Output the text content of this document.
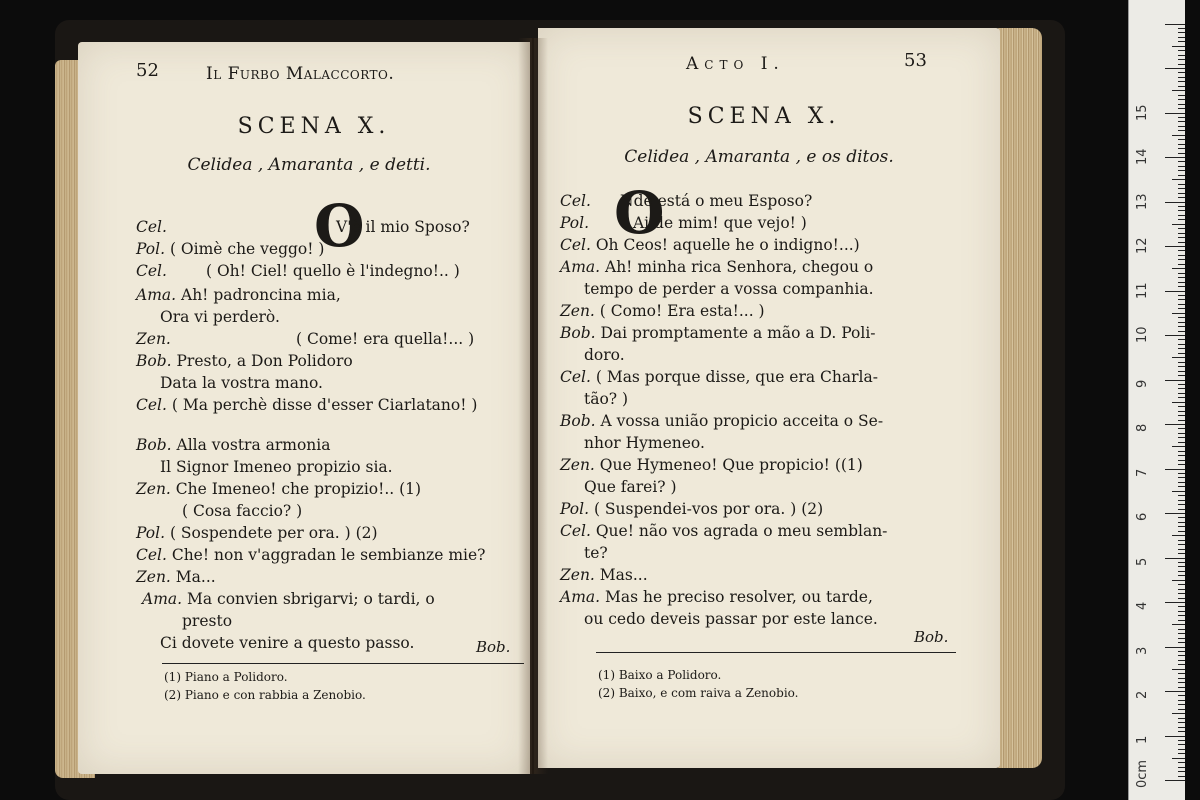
52	Il Furbo Malaccorto.
SCENA X.
Celidea , Amaranta , e detti.
O
Cel.	V'è il mio Sposo?
Pol. ( Oimè che veggo! )
Cel.	( Oh! Ciel! quello è l'indegno!.. )
Ama. Ah! padroncina mia,
Ora vi perderò.
Zen.	( Come! era quella!... )
Bob. Presto, a Don Polidoro
Data la vostra mano.
Cel. ( Ma perchè disse d'esser Ciarlatano! )
Bob. Alla vostra armonia
Il Signor Imeneo propizio sia.
Zen. Che Imeneo! che propizio!.. (1)
( Cosa faccio? )
Pol. ( Sospendete per ora. ) (2)
Cel. Che! non v'aggradan le sembianze mie?
Zen. Ma...
Ama. Ma convien sbrigarvi; o tardi, o
presto
Ci dovete venire a questo passo.	Bob.
(1) Piano a Polidoro.
(2) Piano e con rabbia a Zenobio.
Acto I.	53
SCENA X.
Celidea , Amaranta , e os ditos.
O
Cel.Nde está o meu Esposo?
Pol.( Ai de mim! que vejo! )
Cel. Oh Ceos! aquelle he o indigno!...)
Ama. Ah! minha rica Senhora, chegou o
tempo de perder a vossa companhia.
Zen. ( Como! Era esta!... )
Bob. Dai promptamente a mão a D. Poli-
doro.
Cel. ( Mas porque disse, que era Charla-
tão? )
Bob. A vossa união propicio acceita o Se-
nhor Hymeneo.
Zen. Que Hymeneo! Que propicio! ((1)
Que farei? )
Pol. ( Suspendei-vos por ora. ) (2)
Cel. Que! não vos agrada o meu semblan-
te?
Zen. Mas...
Ama. Mas he preciso resolver, ou tarde,
ou cedo deveis passar por este lance.
Bob.
(1) Baixo a Polidoro.
(2) Baixo, e com raiva a Zenobio.
0cm
1
2
3
4
5
6
7
8
9
10
11
12
13
14
15
